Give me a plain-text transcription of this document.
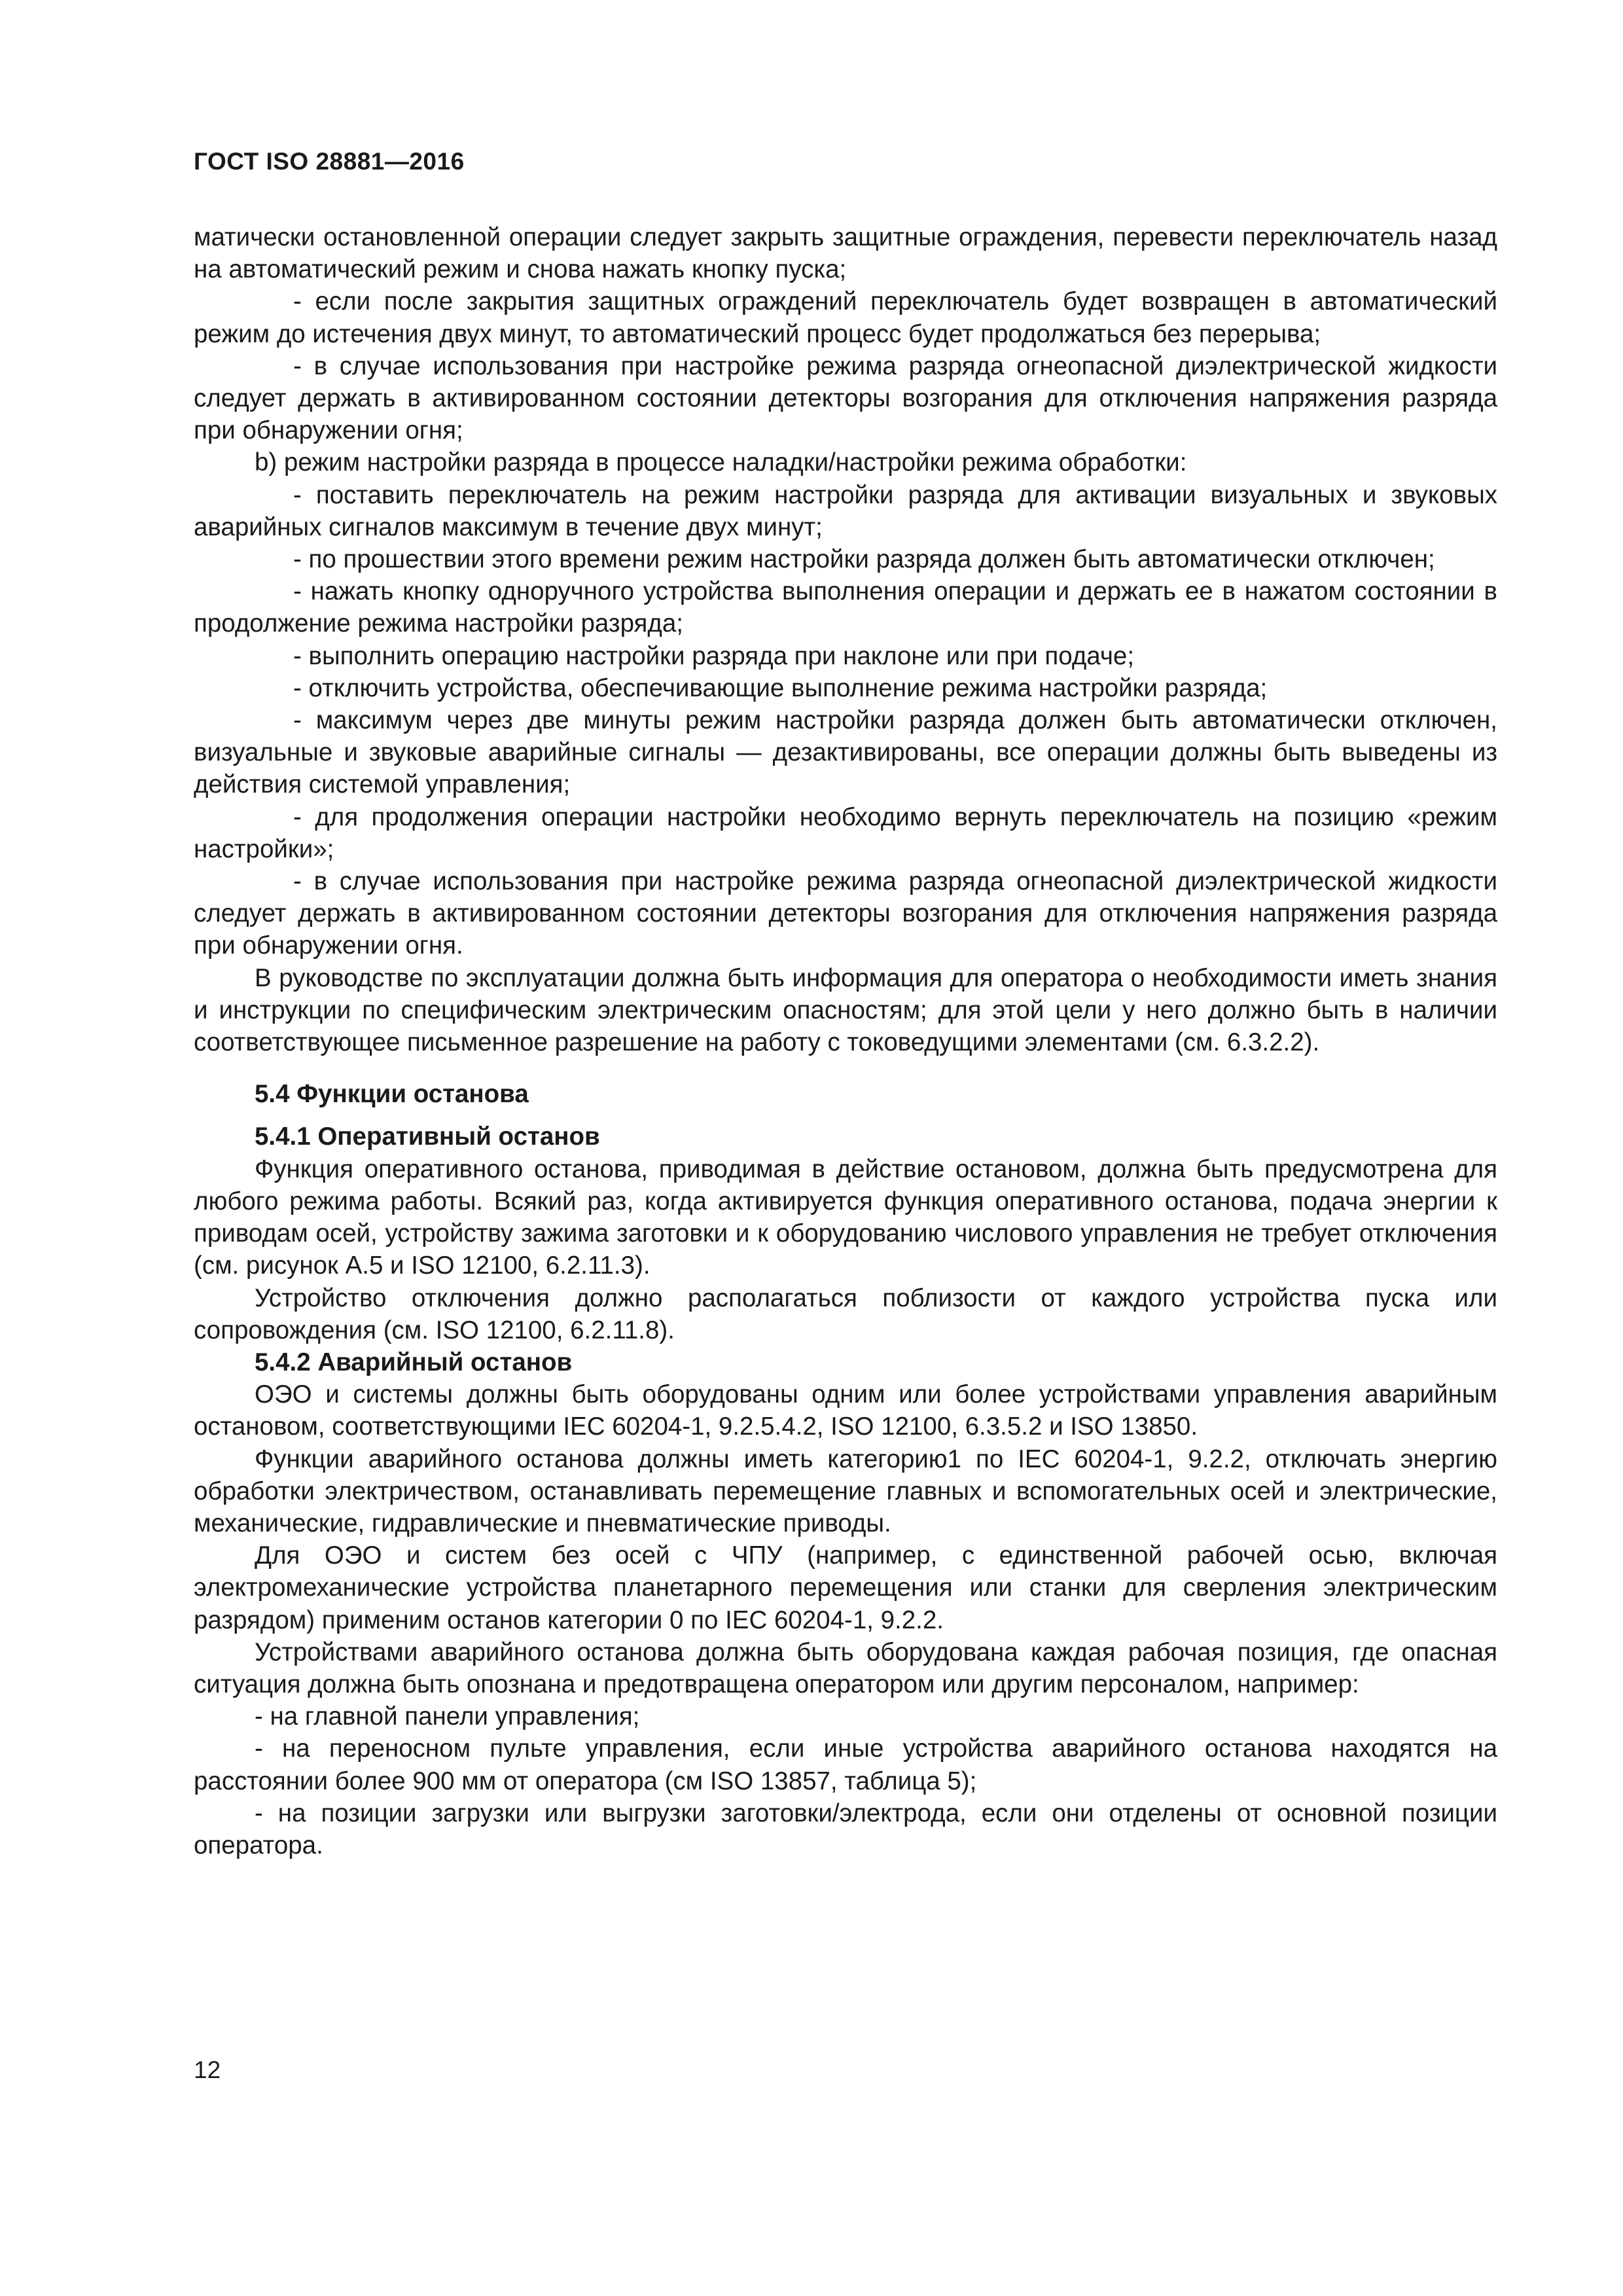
ГОСТ ISO 28881—2016

матически остановленной операции следует закрыть защитные ограждения, перевести переключатель назад на автоматический режим и снова нажать кнопку пуска;

- если после закрытия защитных ограждений переключатель будет возвращен в автоматический режим до истечения двух минут, то автоматический процесс будет продолжаться без перерыва;

- в случае использования при настройке режима разряда огнеопасной диэлектрической жидкости следует держать в активированном состоянии детекторы возгорания для отключения напряжения разряда при обнаружении огня;

b) режим настройки разряда в процессе наладки/настройки режима обработки:

- поставить переключатель на режим настройки разряда для активации визуальных и звуковых аварийных сигналов максимум в течение двух минут;

- по прошествии этого времени режим настройки разряда должен быть автоматически отключен;

- нажать кнопку одноручного устройства выполнения операции и держать ее в нажатом состоянии в продолжение режима настройки разряда;

- выполнить операцию настройки разряда при наклоне или при подаче;

- отключить устройства, обеспечивающие выполнение режима настройки разряда;

- максимум через две минуты режим настройки разряда должен быть автоматически отключен, визуальные и звуковые аварийные сигналы — дезактивированы, все операции должны быть выведены из действия системой управления;

- для продолжения операции настройки необходимо вернуть переключатель на позицию «режим настройки»;

- в случае использования при настройке режима разряда огнеопасной диэлектрической жидкости следует держать в активированном состоянии детекторы возгорания для отключения напряжения разряда при обнаружении огня.

В руководстве по эксплуатации должна быть информация для оператора о необходимости иметь знания и инструкции по специфическим электрическим опасностям; для этой цели у него должно быть в наличии соответствующее письменное разрешение на работу с токоведущими элементами (см. 6.3.2.2).

5.4 Функции останова

5.4.1 Оперативный останов

Функция оперативного останова, приводимая в действие остановом, должна быть предусмотрена для любого режима работы. Всякий раз, когда активируется функция оперативного останова, подача энергии к приводам осей, устройству зажима заготовки и к оборудованию числового управления не требует отключения (см. рисунок А.5 и ISO 12100, 6.2.11.3).

Устройство отключения должно располагаться поблизости от каждого устройства пуска или сопровождения (см. ISO 12100, 6.2.11.8).

5.4.2 Аварийный останов

ОЭО и системы должны быть оборудованы одним или более устройствами управления аварийным остановом, соответствующими IEC 60204-1, 9.2.5.4.2, ISO 12100, 6.3.5.2 и ISO 13850.

Функции аварийного останова должны иметь категорию1 по IEC 60204-1, 9.2.2, отключать энергию обработки электричеством, останавливать перемещение главных и вспомогательных осей и электрические, механические, гидравлические и пневматические приводы.

Для ОЭО и систем без осей с ЧПУ (например, с единственной рабочей осью, включая электромеханические устройства планетарного перемещения или станки для сверления электрическим разрядом) применим останов категории 0 по IEC 60204-1, 9.2.2.

Устройствами аварийного останова должна быть оборудована каждая рабочая позиция, где опасная ситуация должна быть опознана и предотвращена оператором или другим персоналом, например:

- на главной панели управления;

- на переносном пульте управления, если иные устройства аварийного останова находятся на расстоянии более 900 мм от оператора (см ISO 13857, таблица 5);

- на позиции загрузки или выгрузки заготовки/электрода, если они отделены от основной позиции оператора.

12
